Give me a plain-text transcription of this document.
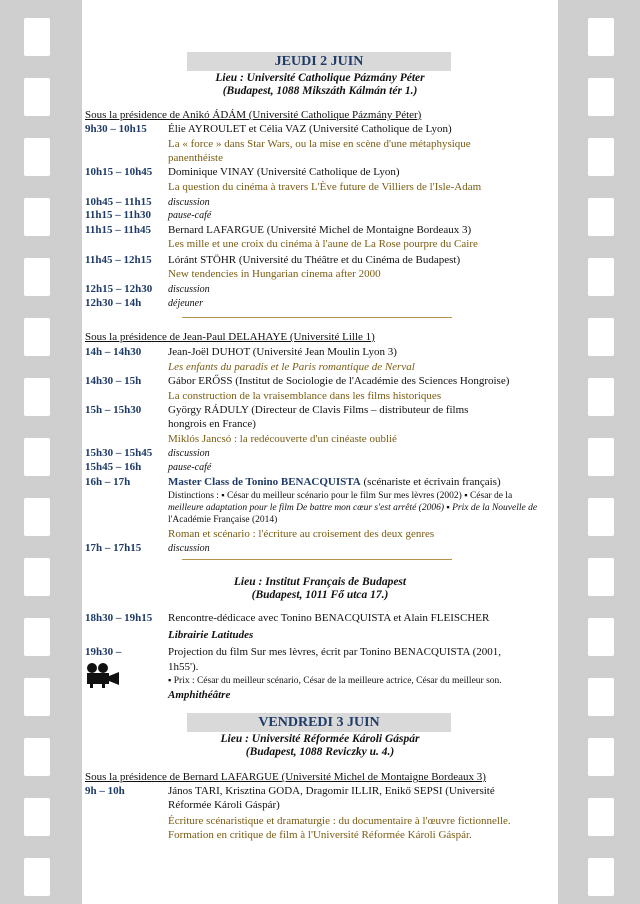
JEUDI 2 JUIN
Lieu : Université Catholique Pázmány Péter
(Budapest, 1088 Mikszáth Kálmán tér 1.)
Sous la présidence de Anikó ÁDÁM (Université Catholique Pázmány Péter)
9h30 – 10h15 Élie AYROULET et Célia VAZ (Université Catholique de Lyon)
La « force » dans Star Wars, ou la mise en scène d'une métaphysique
panenthéiste
10h15 – 10h45 Dominique VINAY (Université Catholique de Lyon)
La question du cinéma à travers L'Ève future de Villiers de l'Isle-Adam
10h45 – 11h15 discussion
11h15 – 11h30 pause-café
11h15 – 11h45 Bernard LAFARGUE (Université Michel de Montaigne Bordeaux 3)
Les mille et une croix du cinéma à l'aune de La Rose pourpre du Caire
11h45 – 12h15 Lóránt STÖHR (Université du Théâtre et du Cinéma de Budapest)
New tendencies in Hungarian cinema after 2000
12h15 – 12h30 discussion
12h30 – 14h	déjeuner
Sous la présidence de Jean-Paul DELAHAYE (Université Lille 1)
14h – 14h30 Jean-Joël DUHOT (Université Jean Moulin Lyon 3)
Les enfants du paradis et le Paris romantique de Nerval
14h30 – 15h Gábor ERŐSS (Institut de Sociologie de l'Académie des Sciences Hongroise)
La construction de la vraisemblance dans les films historiques
15h – 15h30 György RÁDULY (Directeur de Clavis Films – distributeur de films
hongrois en France)
Miklós Jancsó : la redécouverte d'un cinéaste oublié
15h30 – 15h45 discussion
15h45 – 16h	pause-café
16h – 17h	Master Class de Tonino BENACQUISTA (scénariste et écrivain français)
Distinctions : ▪ César du meilleur scénario pour le film Sur mes lèvres (2002) ▪ César de la
meilleure adaptation pour le film De battre mon cœur s'est arrêté (2006) ▪ Prix de la Nouvelle de
l'Académie Française (2014)
Roman et scénario : l'écriture au croisement des deux genres
17h – 17h15	discussion
Lieu : Institut Français de Budapest
(Budapest, 1011 Fő utca 17.)
18h30 – 19h15 Rencontre-dédicace avec Tonino BENACQUISTA et Alain FLEISCHER
Librairie Latitudes
19h30 –	Projection du film Sur mes lèvres, écrit par Tonino BENACQUISTA (2001,
1h55').
▪ Prix : César du meilleur scénario, César de la meilleure actrice, César du meilleur son.
Amphithéâtre
VENDREDI 3 JUIN
Lieu : Université Réformée Károli Gáspár
(Budapest, 1088 Reviczky u. 4.)
Sous la présidence de Bernard LAFARGUE (Université Michel de Montaigne Bordeaux 3)
9h – 10h	János TARI, Krisztina GODA, Dragomir ILLIR, Enikő SEPSI (Université
Réformée Károli Gáspár)
Écriture scénaristique et dramaturgie : du documentaire à l'œuvre fictionnelle.
Formation en critique de film à l'Université Réformée Károli Gáspár.
